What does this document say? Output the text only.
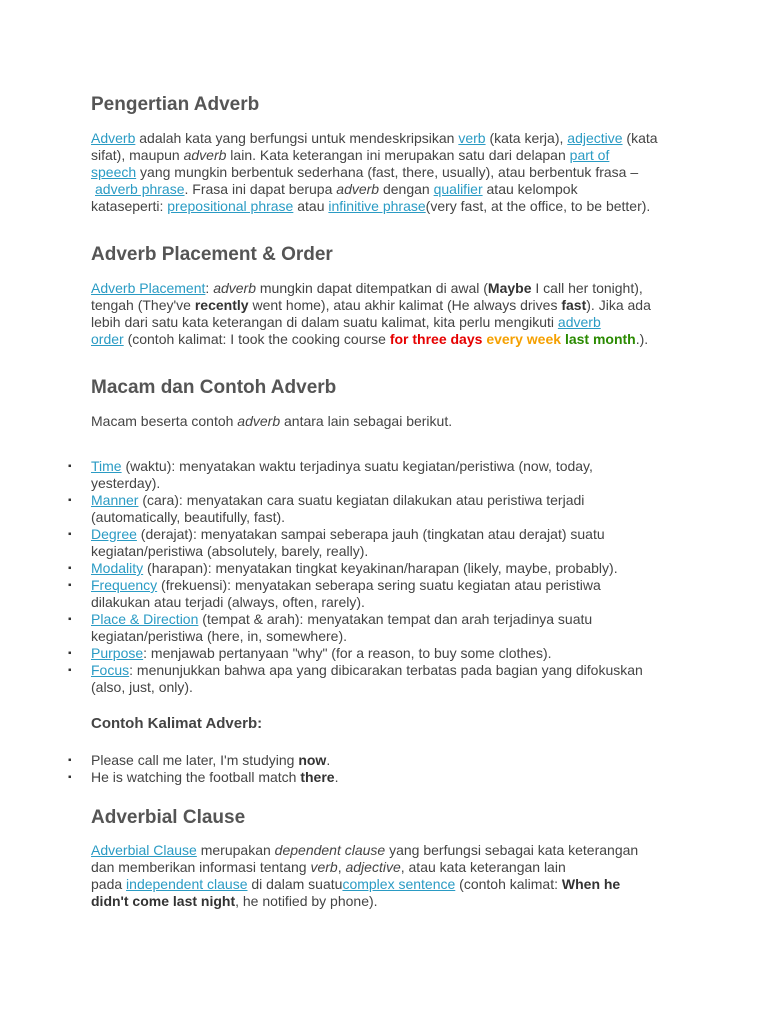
Pengertian Adverb
Adverb adalah kata yang berfungsi untuk mendeskripsikan verb (kata kerja), adjective (kata
sifat), maupun adverb lain. Kata keterangan ini merupakan satu dari delapan part of
speech yang mungkin berbentuk sederhana (fast, there, usually), atau berbentuk frasa –
adverb phrase. Frasa ini dapat berupa adverb dengan qualifier atau kelompok
kataseperti: prepositional phrase atau infinitive phrase(very fast, at the office, to be better).
Adverb Placement & Order
Adverb Placement: adverb mungkin dapat ditempatkan di awal (Maybe I call her tonight),
tengah (They've recently went home), atau akhir kalimat (He always drives fast). Jika ada
lebih dari satu kata keterangan di dalam suatu kalimat, kita perlu mengikuti adverb
order (contoh kalimat: I took the cooking course for three days every week last month.).
Macam dan Contoh Adverb
Macam beserta contoh adverb antara lain sebagai berikut.
▪ Time (waktu): menyatakan waktu terjadinya suatu kegiatan/peristiwa (now, today,
yesterday).
▪ Manner (cara): menyatakan cara suatu kegiatan dilakukan atau peristiwa terjadi
(automatically, beautifully, fast).
▪ Degree (derajat): menyatakan sampai seberapa jauh (tingkatan atau derajat) suatu
kegiatan/peristiwa (absolutely, barely, really).
▪ Modality (harapan): menyatakan tingkat keyakinan/harapan (likely, maybe, probably).
▪ Frequency (frekuensi): menyatakan seberapa sering suatu kegiatan atau peristiwa
dilakukan atau terjadi (always, often, rarely).
▪ Place & Direction (tempat & arah): menyatakan tempat dan arah terjadinya suatu
kegiatan/peristiwa (here, in, somewhere).
▪ Purpose: menjawab pertanyaan "why" (for a reason, to buy some clothes).
▪ Focus: menunjukkan bahwa apa yang dibicarakan terbatas pada bagian yang difokuskan
(also, just, only).
Contoh Kalimat Adverb:
▪ Please call me later, I'm studying now.
▪ He is watching the football match there.
Adverbial Clause
Adverbial Clause merupakan dependent clause yang berfungsi sebagai kata keterangan
dan memberikan informasi tentang verb, adjective, atau kata keterangan lain
pada independent clause di dalam suatucomplex sentence (contoh kalimat: When he
didn't come last night, he notified by phone).
